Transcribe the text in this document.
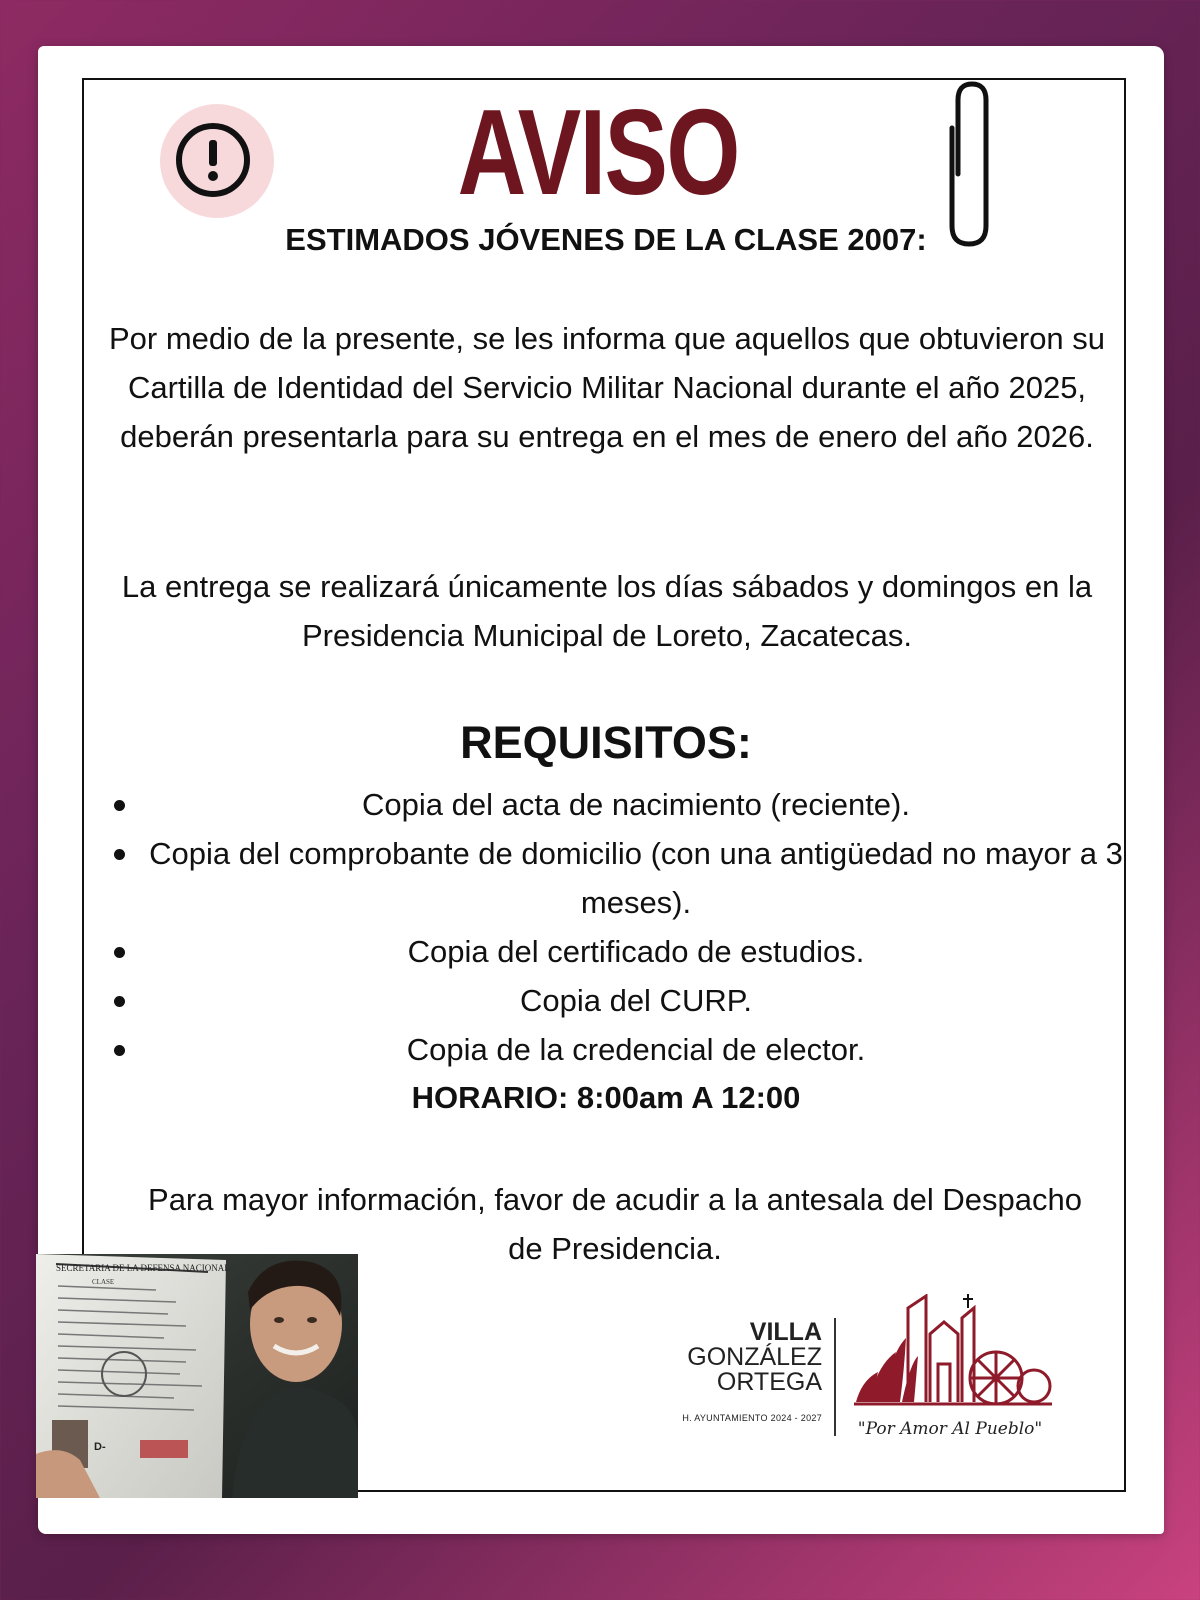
AVISO
ESTIMADOS JÓVENES DE LA CLASE 2007:
Por medio de la presente, se les informa que aquellos que obtuvieron su Cartilla de Identidad del Servicio Militar Nacional durante el año 2025, deberán presentarla para su entrega en el mes de enero del año 2026.
La entrega se realizará únicamente los días sábados y domingos en la Presidencia Municipal de Loreto, Zacatecas.
REQUISITOS:
Copia del acta de nacimiento (reciente).
Copia del comprobante de domicilio (con una antigüedad no mayor a 3 meses).
Copia del certificado de estudios.
Copia del CURP.
Copia de la credencial de elector.
HORARIO: 8:00am A 12:00
Para mayor información, favor de acudir a la antesala del Despacho de Presidencia.
SECRETARIA DE LA DEFENSA NACIONAL
CLASE
D-
VILLA
GONZÁLEZ
ORTEGA
H. AYUNTAMIENTO 2024 - 2027
"Por Amor Al Pueblo"
